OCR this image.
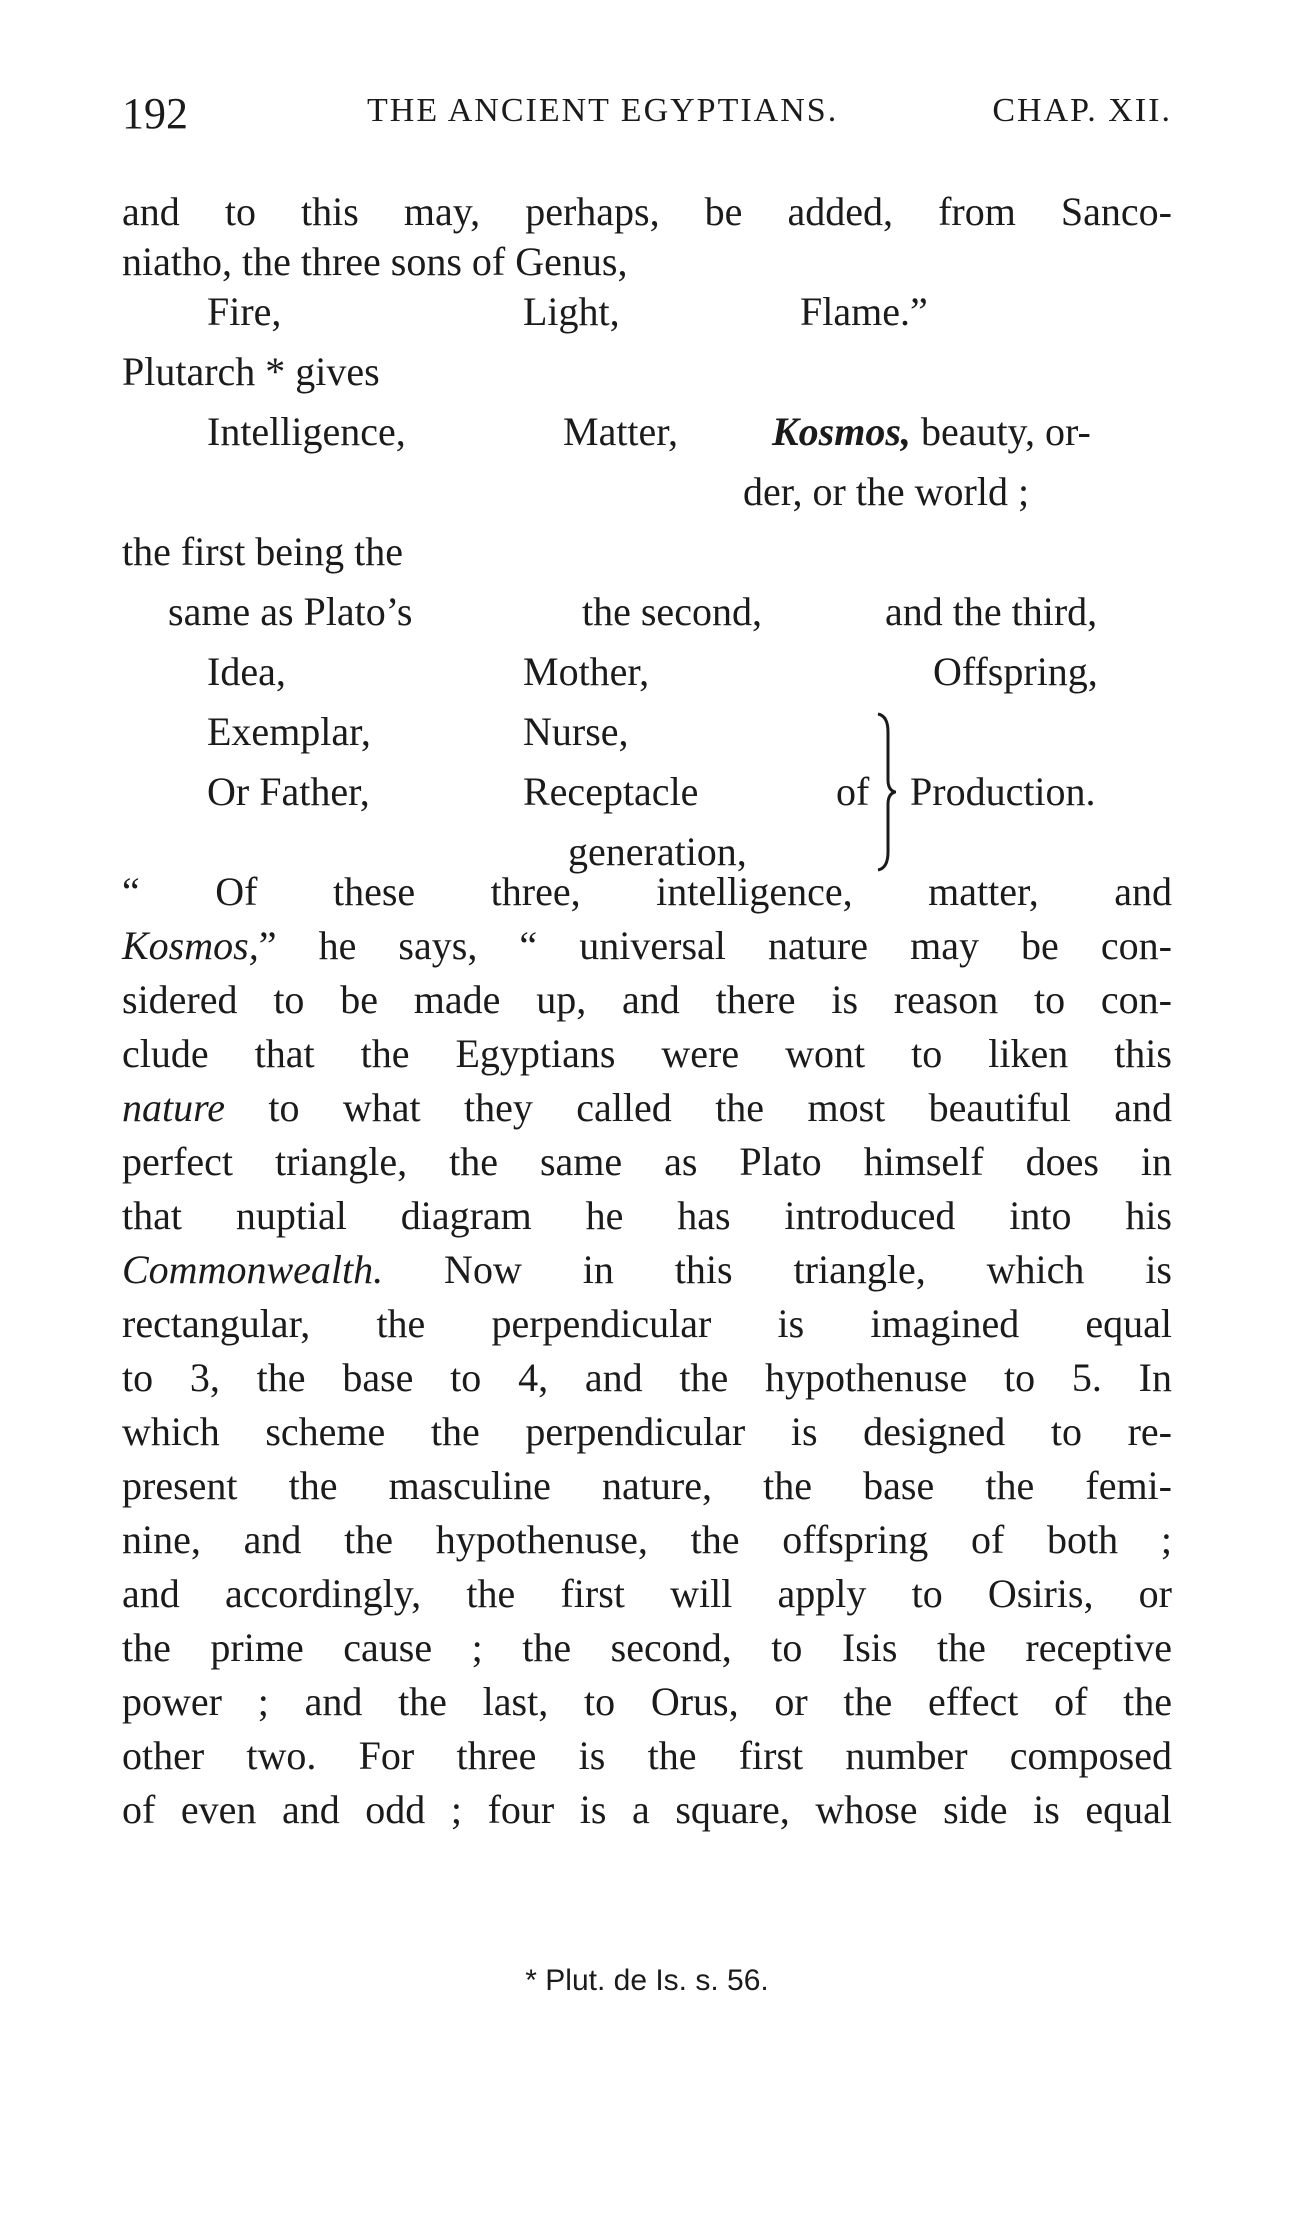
192	THE ANCIENT EGYPTIANS.	CHAP. XII.
and to this may, perhaps, be added, from Sanco-
niatho, the three sons of Genus,
Fire,	Light,	Flame.”
Plutarch * gives
Intelligence,	Matter, Kosmos, beauty, or-
der, or the world ;
the first being the
same as Plato’s	the second,	and the third,
Idea,	Mother,	Offspring,
Exemplar,	Nurse,
Or Father,	Receptacle	of Production.
generation,
“ Of these three, intelligence, matter, and
Kosmos,” he says, “ universal nature may be con-
sidered to be made up, and there is reason to con-
clude that the Egyptians were wont to liken this
nature to what they called the most beautiful and
perfect triangle, the same as Plato himself does in
that nuptial diagram he has introduced into his
Commonwealth. Now in this triangle, which is
rectangular, the perpendicular is imagined equal
to 3, the base to 4, and the hypothenuse to 5. In
which scheme the perpendicular is designed to re-
present the masculine nature, the base the femi-
nine, and the hypothenuse, the offspring of both ;
and accordingly, the first will apply to Osiris, or
the prime cause ; the second, to Isis the receptive
power ; and the last, to Orus, or the effect of the
other two. For three is the first number composed
of even and odd ; four is a square, whose side is equal
* Plut. de Is. s. 56.
